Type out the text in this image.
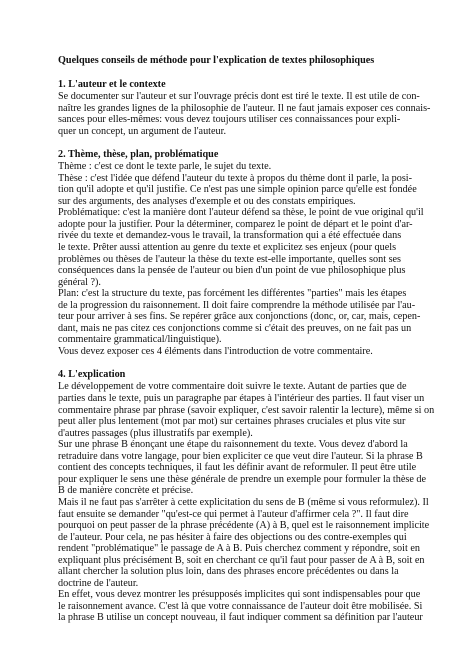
Quelques conseils de méthode pour l'explication de textes philosophiques
1. L'auteur et le contexte
Se documenter sur l'auteur et sur l'ouvrage précis dont est tiré le texte. Il est utile de con-
naître les grandes lignes de la philosophie de l'auteur. Il ne faut jamais exposer ces connais-
sances pour elles-mêmes: vous devez toujours utiliser ces connaissances pour expli-
quer un concept, un argument de l'auteur.
2. Thème, thèse, plan, problématique
Thème : c'est ce dont le texte parle, le sujet du texte.
Thèse : c'est l'idée que défend l'auteur du texte à propos du thème dont il parle, la posi-
tion qu'il adopte et qu'il justifie. Ce n'est pas une simple opinion parce qu'elle est fondée
sur des arguments, des analyses d'exemple et ou des constats empiriques.
Problématique: c'est la manière dont l'auteur défend sa thèse, le point de vue original qu'il
adopte pour la justifier. Pour la déterminer, comparez le point de départ et le point d'ar-
rivée du texte et demandez-vous le travail, la transformation qui a été effectuée dans
le texte. Prêter aussi attention au genre du texte et explicitez ses enjeux (pour quels
problèmes ou thèses de l'auteur la thèse du texte est-elle importante, quelles sont ses
conséquences dans la pensée de l'auteur ou bien d'un point de vue philosophique plus
général ?).
Plan: c'est la structure du texte, pas forcément les différentes "parties" mais les étapes
de la progression du raisonnement. Il doit faire comprendre la méthode utilisée par l'au-
teur pour arriver à ses fins. Se repérer grâce aux conjonctions (donc, or, car, mais, cepen-
dant, mais ne pas citez ces conjonctions comme si c'était des preuves, on ne fait pas un
commentaire grammatical/linguistique).
Vous devez exposer ces 4 éléments dans l'introduction de votre commentaire.
4. L'explication
Le développement de votre commentaire doit suivre le texte. Autant de parties que de
parties dans le texte, puis un paragraphe par étapes à l'intérieur des parties. Il faut viser un
commentaire phrase par phrase (savoir expliquer, c'est savoir ralentir la lecture), même si on
peut aller plus lentement (mot par mot) sur certaines phrases cruciales et plus vite sur
d'autres passages (plus illustratifs par exemple).
Sur une phrase B énonçant une étape du raisonnement du texte. Vous devez d'abord la
retraduire dans votre langage, pour bien expliciter ce que veut dire l'auteur. Si la phrase B
contient des concepts techniques, il faut les définir avant de reformuler. Il peut être utile
pour expliquer le sens une thèse générale de prendre un exemple pour formuler la thèse de
B de manière concrète et précise.
Mais il ne faut pas s'arrêter à cette explicitation du sens de B (même si vous reformulez). Il
faut ensuite se demander "qu'est-ce qui permet à l'auteur d'affirmer cela ?". Il faut dire
pourquoi on peut passer de la phrase précédente (A) à B, quel est le raisonnement implicite
de l'auteur. Pour cela, ne pas hésiter à faire des objections ou des contre-exemples qui
rendent "problématique" le passage de A à B. Puis cherchez comment y répondre, soit en
expliquant plus précisément B, soit en cherchant ce qu'il faut pour passer de A à B, soit en
allant chercher la solution plus loin, dans des phrases encore précédentes ou dans la
doctrine de l'auteur.
En effet, vous devez montrer les présupposés implicites qui sont indispensables pour que
le raisonnement avance. C'est là que votre connaissance de l'auteur doit être mobilisée. Si
la phrase B utilise un concept nouveau, il faut indiquer comment sa définition par l'auteur
